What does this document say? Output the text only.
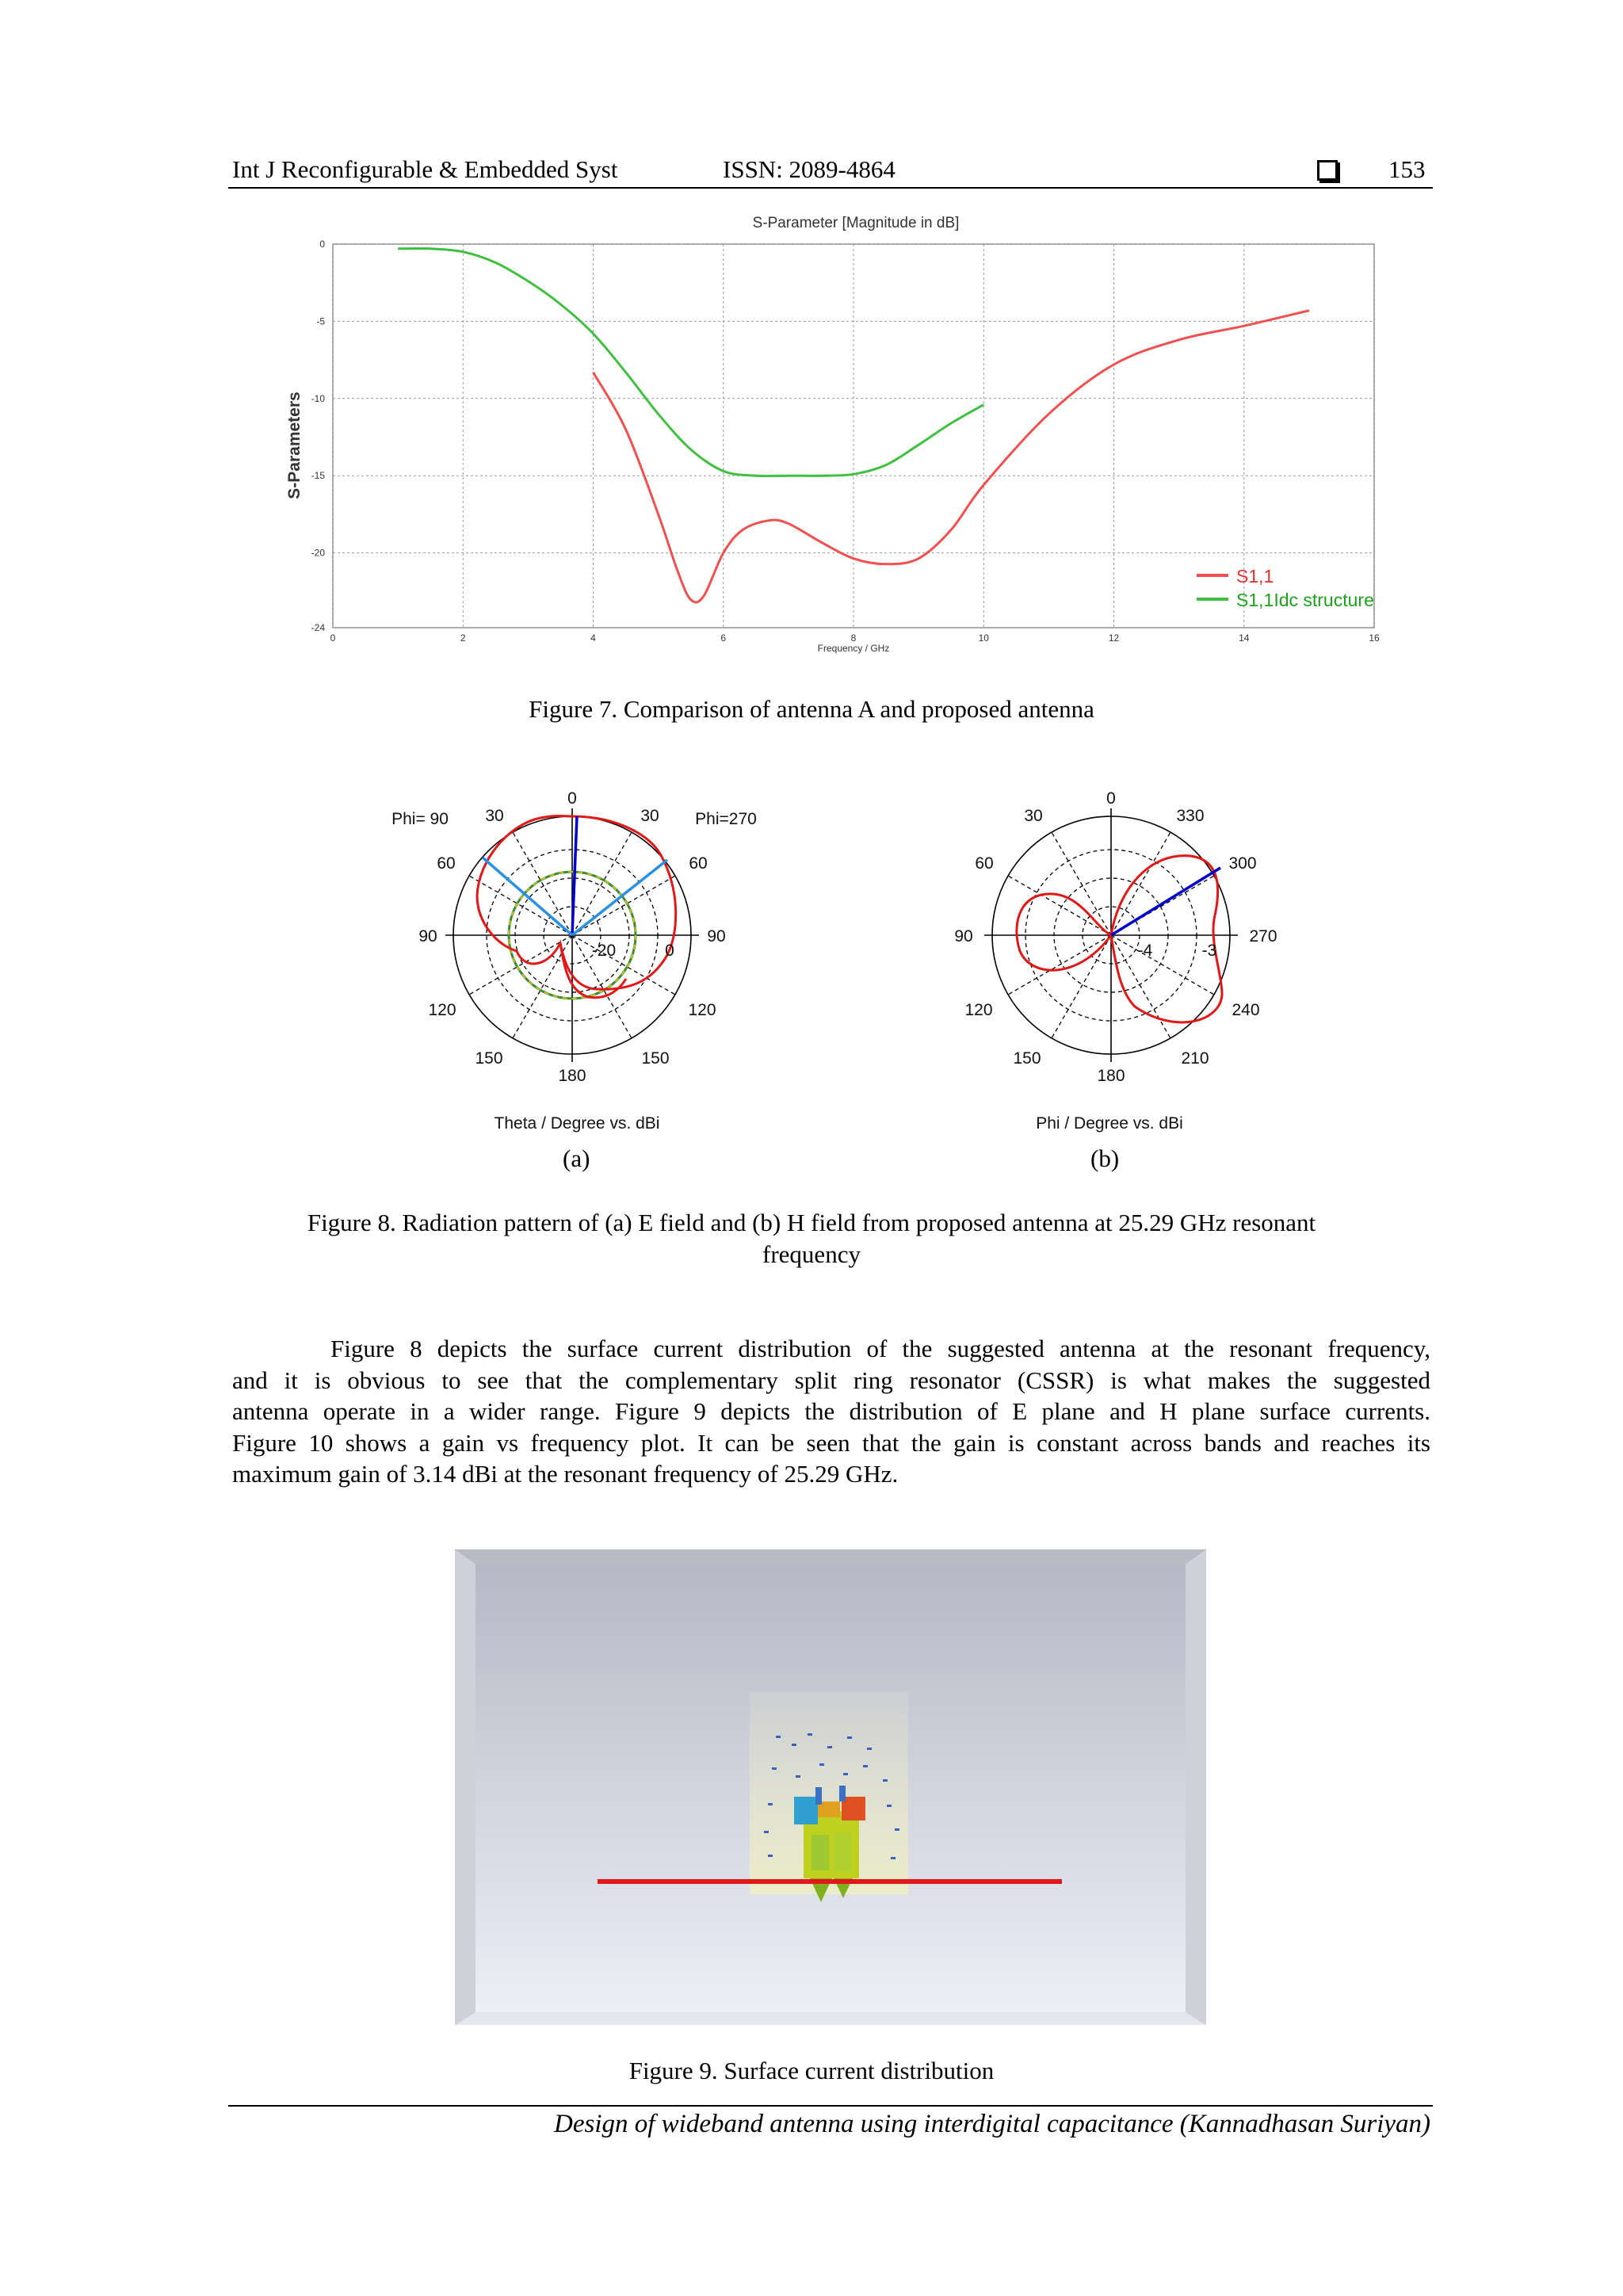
Int J Reconfigurable & Embedded Syst	ISSN: 2089-4864	153
S-Parameter [Magnitude in dB]
0	2	4	6	8	10	12	14	16
0
-5
-10
-15
-20
-24
Frequency / GHz
S-Parameters
S1,1
S1,1Idc structure
Figure 7. Comparison of antenna A and proposed antenna
0
30	30
60	60
90	90
120	120
150	150
180
-20	0
Phi= 90	Phi=270
Theta / Degree vs. dBi
0
30	330
60	300
90	270
120	240
150	210
180
-4	-3
Phi / Degree vs. dBi
(a)	(b)
Figure 8. Radiation pattern of (a) E field and (b) H field from proposed antenna at 25.29 GHz resonant
frequency
Figure 8 depicts the surface current distribution of the suggested antenna at the resonant frequency,
and it is obvious to see that the complementary split ring resonator (CSSR) is what makes the suggested
antenna operate in a wider range. Figure 9 depicts the distribution of E plane and H plane surface currents.
Figure 10 shows a gain vs frequency plot. It can be seen that the gain is constant across bands and reaches its
maximum gain of 3.14 dBi at the resonant frequency of 25.29 GHz.
Figure 9. Surface current distribution
Design of wideband antenna using interdigital capacitance (Kannadhasan Suriyan)
